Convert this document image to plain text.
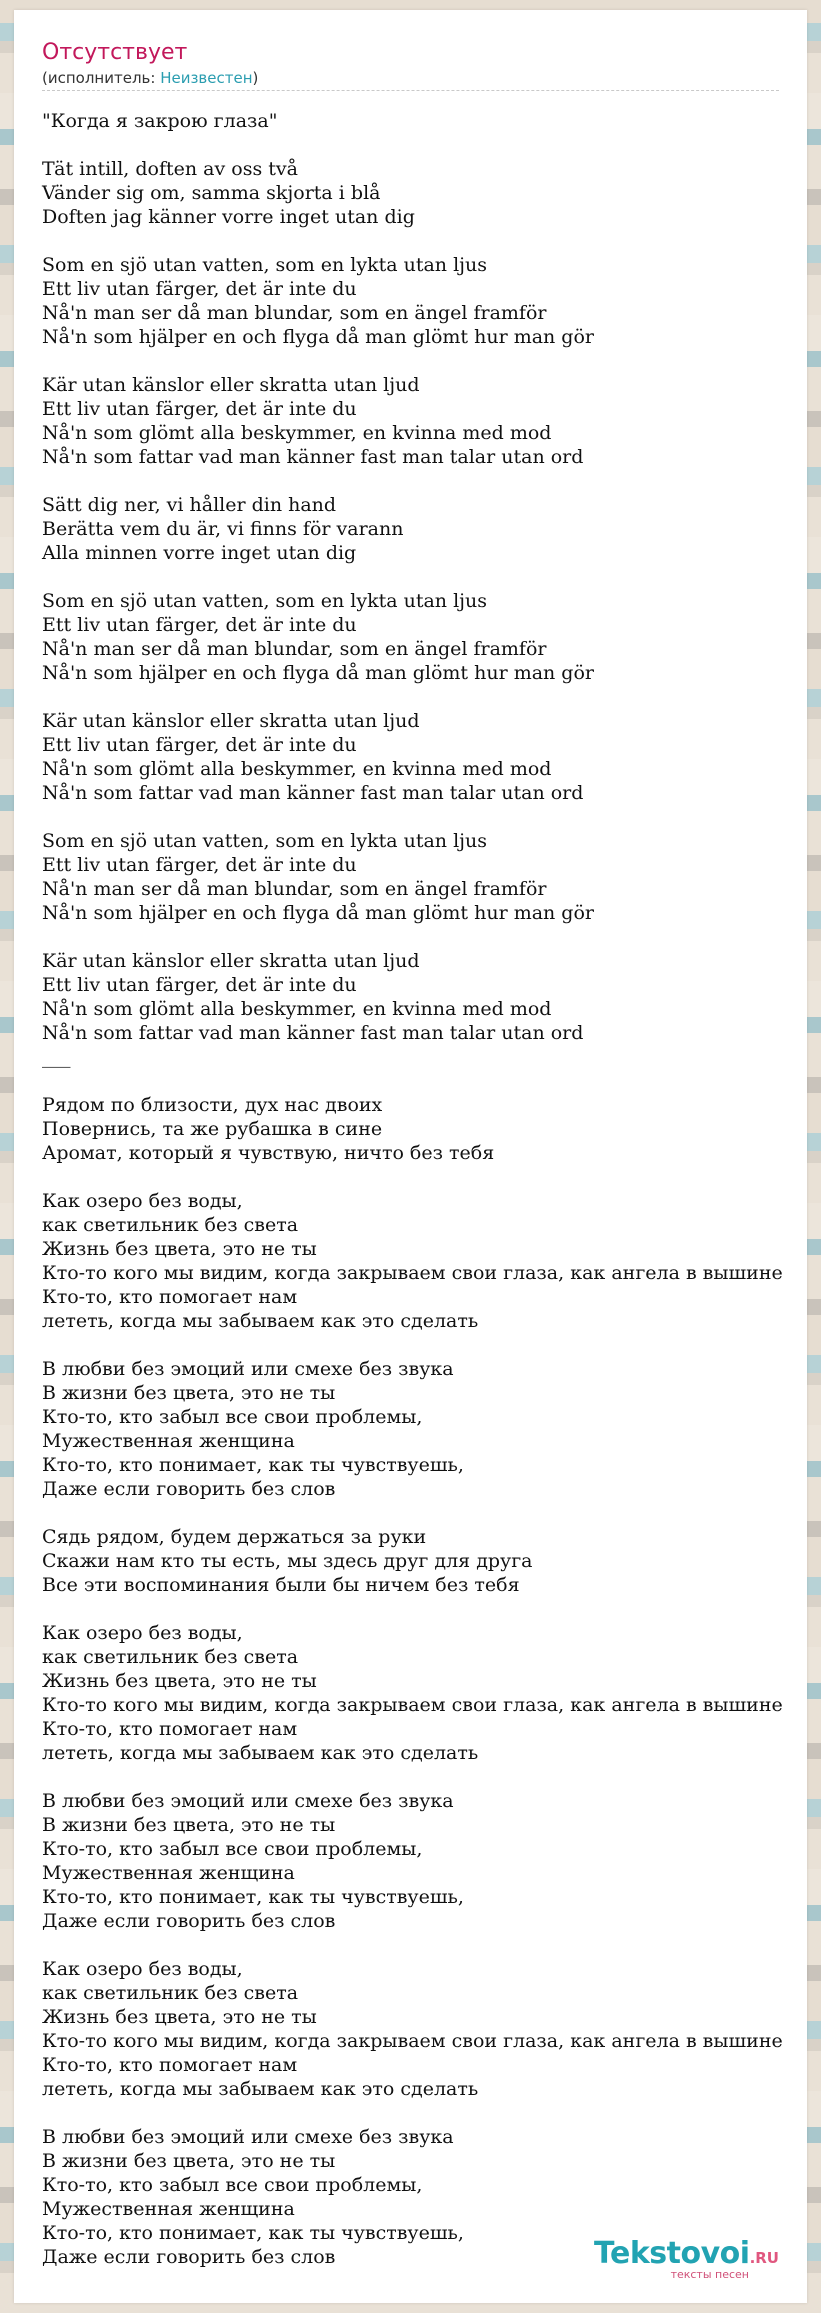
Отсутствует
(исполнитель: Неизвестен)
"Когда я закрою глаза"

Tät intill, doften av oss två
Vänder sig om, samma skjorta i blå
Doften jag känner vorre inget utan dig

Som en sjö utan vatten, som en lykta utan ljus
Ett liv utan färger, det är inte du
Nå'n man ser då man blundar, som en ängel framför
Nå'n som hjälper en och flyga då man glömt hur man gör

Kär utan känslor eller skratta utan ljud
Ett liv utan färger, det är inte du
Nå'n som glömt alla beskymmer, en kvinna med mod
Nå'n som fattar vad man känner fast man talar utan ord

Sätt dig ner, vi håller din hand
Berätta vem du är, vi finns för varann
Alla minnen vorre inget utan dig

Som en sjö utan vatten, som en lykta utan ljus
Ett liv utan färger, det är inte du
Nå'n man ser då man blundar, som en ängel framför
Nå'n som hjälper en och flyga då man glömt hur man gör

Kär utan känslor eller skratta utan ljud
Ett liv utan färger, det är inte du
Nå'n som glömt alla beskymmer, en kvinna med mod
Nå'n som fattar vad man känner fast man talar utan ord

Som en sjö utan vatten, som en lykta utan ljus
Ett liv utan färger, det är inte du
Nå'n man ser då man blundar, som en ängel framför
Nå'n som hjälper en och flyga då man glömt hur man gör

Kär utan känslor eller skratta utan ljud
Ett liv utan färger, det är inte du
Nå'n som glömt alla beskymmer, en kvinna med mod
Nå'n som fattar vad man känner fast man talar utan ord
___

Рядом по близости, дух нас двоих
Повернись, та же рубашка в сине
Аромат, который я чувствую, ничто без тебя

Как озеро без воды,
как светильник без света
Жизнь без цвета, это не ты
Кто-то кого мы видим, когда закрываем свои глаза, как ангела в вышине
Кто-то, кто помогает нам
лететь, когда мы забываем как это сделать

В любви без эмоций или смехе без звука
В жизни без цвета, это не ты
Кто-то, кто забыл все свои проблемы,
Мужественная женщина
Кто-то, кто понимает, как ты чувствуешь,
Даже если говорить без слов

Сядь рядом, будем держаться за руки
Скажи нам кто ты есть, мы здесь друг для друга
Все эти воспоминания были бы ничем без тебя

Как озеро без воды,
как светильник без света
Жизнь без цвета, это не ты
Кто-то кого мы видим, когда закрываем свои глаза, как ангела в вышине
Кто-то, кто помогает нам
лететь, когда мы забываем как это сделать

В любви без эмоций или смехе без звука
В жизни без цвета, это не ты
Кто-то, кто забыл все свои проблемы,
Мужественная женщина
Кто-то, кто понимает, как ты чувствуешь,
Даже если говорить без слов

Как озеро без воды,
как светильник без света
Жизнь без цвета, это не ты
Кто-то кого мы видим, когда закрываем свои глаза, как ангела в вышине
Кто-то, кто помогает нам
лететь, когда мы забываем как это сделать

В любви без эмоций или смехе без звука
В жизни без цвета, это не ты
Кто-то, кто забыл все свои проблемы,
Мужественная женщина
Кто-то, кто понимает, как ты чувствуешь,
Даже если говорить без слов	Tekstovoi.RU
тексты песен
